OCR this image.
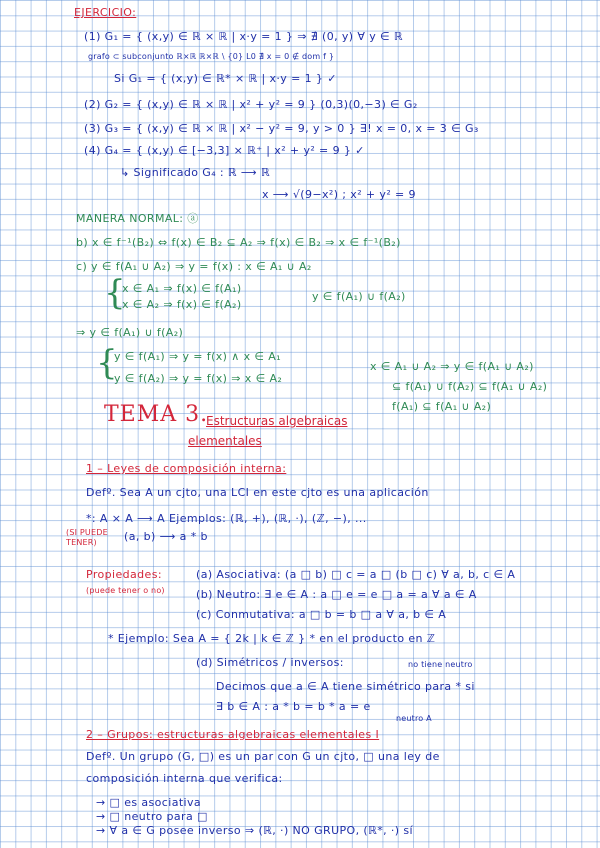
EJERCICIO:
(1) G₁ = { (x,y) ∈ ℝ × ℝ | x·y = 1 } ⇒ ∄ (0, y) ∀ y ∈ ℝ
grafo ⊂ subconjunto ℝ×ℝ ℝ×ℝ \ {0} L0 ∄ x = 0 ∉ dom f }
Si G₁ = { (x,y) ∈ ℝ* × ℝ | x·y = 1 } ✓
(2) G₂ = { (x,y) ∈ ℝ × ℝ | x² + y² = 9 } (0,3)(0,−3) ∈ G₂
(3) G₃ = { (x,y) ∈ ℝ × ℝ | x² − y² = 9, y > 0 } ∃! x = 0, x = 3 ∈ G₃
(4) G₄ = { (x,y) ∈ [−3,3] × ℝ⁺ | x² + y² = 9 } ✓
↳ Significado G₄ : ℝ ⟶ ℝ
x ⟶ √(9−x²) ; x² + y² = 9
MANERA NORMAL: ⓐ
b) x ∈ f⁻¹(B₂) ⇔ f(x) ∈ B₂ ⊆ A₂ ⇒ f(x) ∈ B₂ ⇒ x ∈ f⁻¹(B₂)
c) y ∈ f(A₁ ∪ A₂) ⇒ y = f(x) : x ∈ A₁ ∪ A₂
{
x ∈ A₁ ⇒ f(x) ∈ f(A₁)
x ∈ A₂ ⇒ f(x) ∈ f(A₂)
y ∈ f(A₁) ∪ f(A₂)
⇒ y ∈ f(A₁) ∪ f(A₂)
{
y ∈ f(A₁) ⇒ y = f(x) ∧ x ∈ A₁
y ∈ f(A₂) ⇒ y = f(x) ⇒ x ∈ A₂
x ∈ A₁ ∪ A₂ ⇒ y ∈ f(A₁ ∪ A₂)
⊆ f(A₁) ∪ f(A₂) ⊆ f(A₁ ∪ A₂)
f(A₁) ⊆ f(A₁ ∪ A₂)
TEMA 3.
Estructuras algebraicas
elementales
1 – Leyes de composición interna:
Defº. Sea A un cjto, una LCI en este cjto es una aplicación
*: A × A ⟶ A Ejemplos: (ℝ, +), (ℝ, ·), (ℤ, −), ...
(SI PUEDE TENER)	(a, b) ⟶ a * b
Propiedades:
(puede tener o no)
(a) Asociativa: (a □ b) □ c = a □ (b □ c) ∀ a, b, c ∈ A
(b) Neutro: ∃ e ∈ A : a □ e = e □ a = a ∀ a ∈ A
(c) Conmutativa: a □ b = b □ a ∀ a, b ∈ A
* Ejemplo: Sea A = { 2k | k ∈ ℤ } * en el producto en ℤ
(d) Simétricos / inversos:	no tiene neutro
Decimos que a ∈ A tiene simétrico para * si
∃ b ∈ A : a * b = b * a = e
neutro A
2 – Grupos: estructuras algebraicas elementales I
Defº. Un grupo (G, □) es un par con G un cjto, □ una ley de
composición interna que verifica:
→ □ es asociativa
→ □ neutro para □
→ ∀ a ∈ G posee inverso ⇒ (ℝ, ·) NO GRUPO, (ℝ*, ·) sí
